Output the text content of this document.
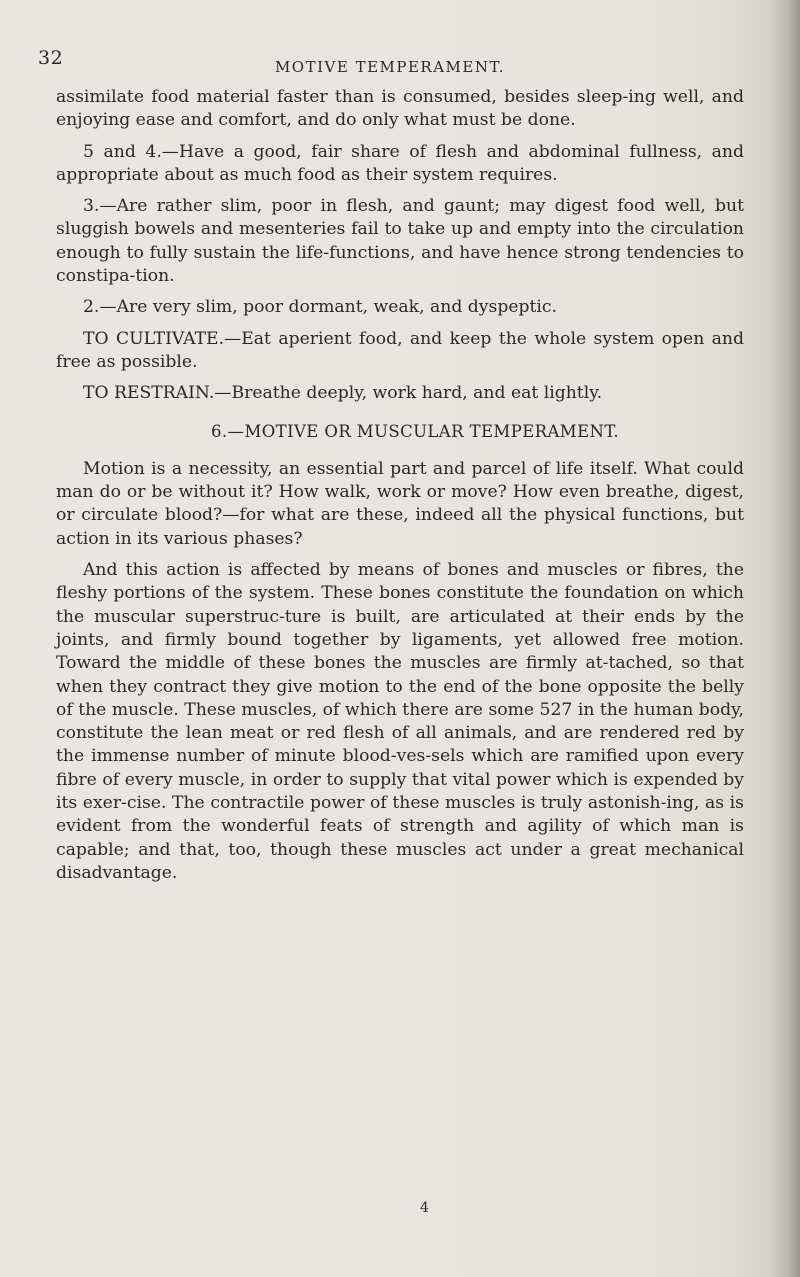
32	MOTIVE TEMPERAMENT.

assimilate food material faster than is consumed, besides sleep-ing well, and enjoying ease and comfort, and do only what must be done.

5 and 4.—Have a good, fair share of flesh and abdominal fullness, and appropriate about as much food as their system requires.

3.—Are rather slim, poor in flesh, and gaunt; may digest food well, but sluggish bowels and mesenteries fail to take up and empty into the circulation enough to fully sustain the life-functions, and have hence strong tendencies to constipa-tion.

2.—Are very slim, poor dormant, weak, and dyspeptic.

TO CULTIVATE.—Eat aperient food, and keep the whole system open and free as possible.

TO RESTRAIN.—Breathe deeply, work hard, and eat lightly.

6.—MOTIVE OR MUSCULAR TEMPERAMENT.

Motion is a necessity, an essential part and parcel of life itself. What could man do or be without it? How walk, work or move? How even breathe, digest, or circulate blood?—for what are these, indeed all the physical functions, but action in its various phases?

And this action is affected by means of bones and muscles or fibres, the fleshy portions of the system. These bones constitute the foundation on which the muscular superstruc-ture is built, are articulated at their ends by the joints, and firmly bound together by ligaments, yet allowed free motion. Toward the middle of these bones the muscles are firmly at-tached, so that when they contract they give motion to the end of the bone opposite the belly of the muscle. These muscles, of which there are some 527 in the human body, constitute the lean meat or red flesh of all animals, and are rendered red by the immense number of minute blood-ves-sels which are ramified upon every fibre of every muscle, in order to supply that vital power which is expended by its exer-cise. The contractile power of these muscles is truly astonish-ing, as is evident from the wonderful feats of strength and agility of which man is capable; and that, too, though these muscles act under a great mechanical disadvantage.

4
